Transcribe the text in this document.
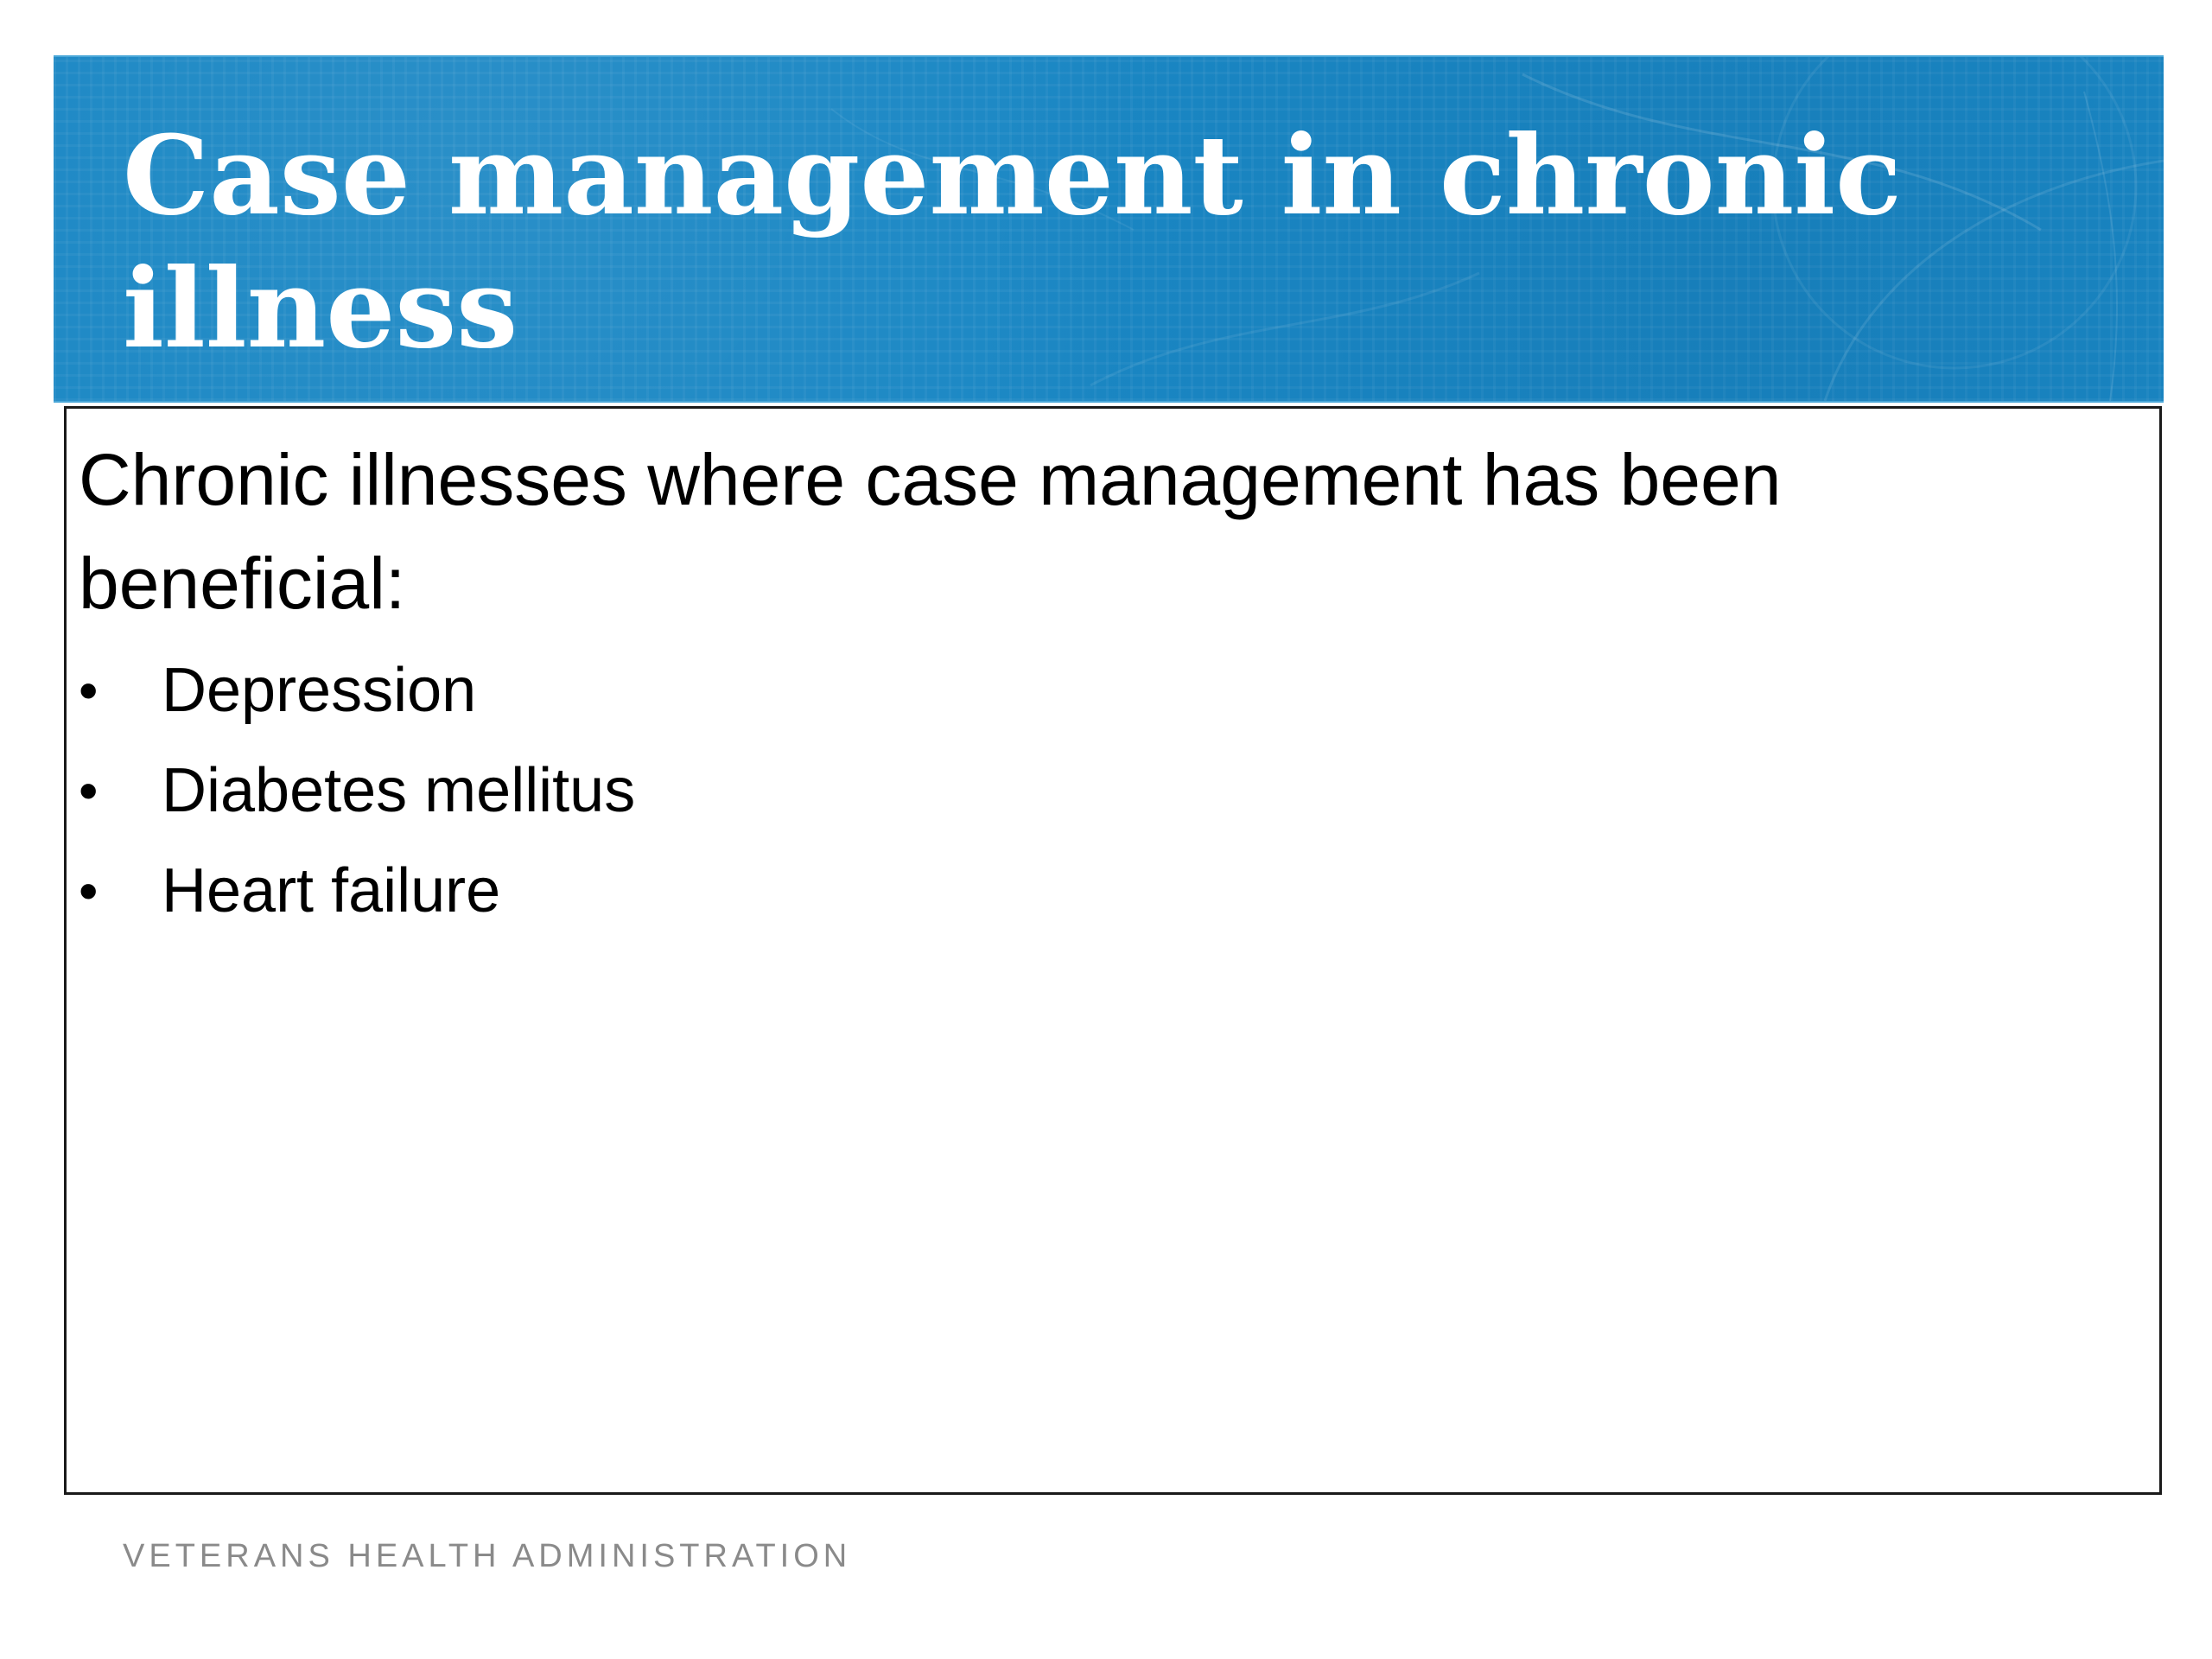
Case management in chronic illness

Chronic illnesses where case management has been beneficial:

• Depression
• Diabetes mellitus
• Heart failure
VETERANS HEALTH ADMINISTRATION
